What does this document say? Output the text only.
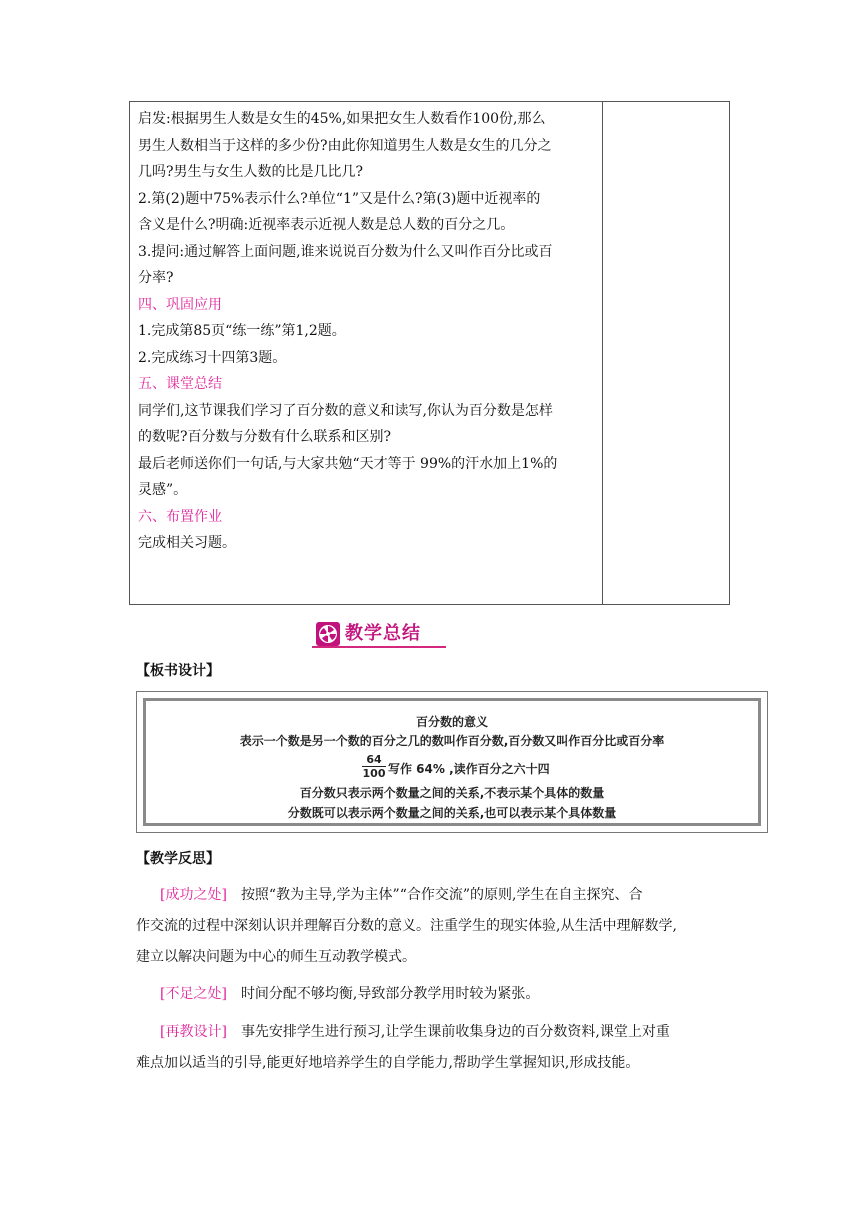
启发:根据男生人数是女生的45%,如果把女生人数看作100份,那么
男生人数相当于这样的多少份?由此你知道男生人数是女生的几分之
几吗?男生与女生人数的比是几比几?
2.第(2)题中75%表示什么?单位“1”又是什么?第(3)题中近视率的
含义是什么?明确:近视率表示近视人数是总人数的百分之几。
3.提问:通过解答上面问题,谁来说说百分数为什么又叫作百分比或百
分率?
四、巩固应用
1.完成第85页“练一练”第1,2题。
2.完成练习十四第3题。
五、课堂总结
同学们,这节课我们学习了百分数的意义和读写,你认为百分数是怎样
的数呢?百分数与分数有什么联系和区别?
最后老师送你们一句话,与大家共勉“天才等于 99%的汗水加上1%的
灵感”。
六、布置作业
完成相关习题。
教学总结
【板书设计】
百分数的意义
表示一个数是另一个数的百分之几的数叫作百分数,百分数又叫作百分比或百分率
$\frac{64}{100}$ 写作 64% ,读作百分之六十四
百分数只表示两个数量之间的关系,不表示某个具体的数量
分数既可以表示两个数量之间的关系,也可以表示某个具体数量
【教学反思】
[成功之处] 按照“教为主导,学为主体”“合作交流”的原则,学生在自主探究、合
作交流的过程中深刻认识并理解百分数的意义。注重学生的现实体验,从生活中理解数学,
建立以解决问题为中心的师生互动教学模式。
[不足之处] 时间分配不够均衡,导致部分教学用时较为紧张。
[再教设计] 事先安排学生进行预习,让学生课前收集身边的百分数资料,课堂上对重
难点加以适当的引导,能更好地培养学生的自学能力,帮助学生掌握知识,形成技能。
